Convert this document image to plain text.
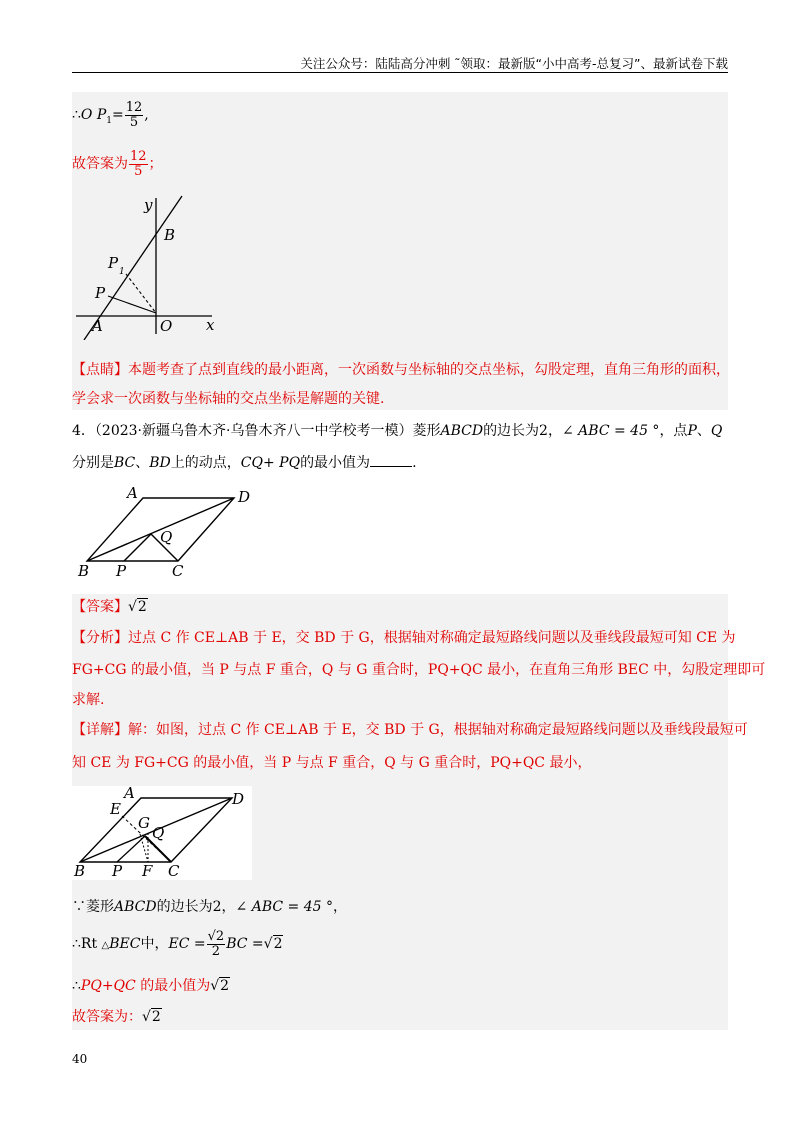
关注公众号：陆陆高分冲刺 ˜领取：最新版“小中高考-总复习”、最新试卷下载
∴O $P_1= \frac{12}{5}$ ,
故答案为 $\frac{12}{5}$ ；
y
B
P 1
P
A	O x
【点睛】本题考查了点到直线的最小距离，一次函数与坐标轴的交点坐标，勾股定理，直角三角形的面积，
学会求一次函数与坐标轴的交点坐标是解题的关键.
4．（2023·新疆乌鲁木齐·乌鲁木齐八一中学校考一模）菱形ABCD的边长为2，∠ ABC = 45 °，点P、Q
分别是BC、BD上的动点，CQ+ PQ的最小值为	.
A	D
Q
B P	C
【答案】√2
【分析】过点 C 作 CE⊥AB 于 E，交 BD 于 G，根据轴对称确定最短路线问题以及垂线段最短可知 CE 为
FG+CG 的最小值，当 P 与点 F 重合，Q 与 G 重合时，PQ+QC 最小，在直角三角形 BEC 中，勾股定理即可
求解.
【详解】解：如图，过点 C 作 CE⊥AB 于 E，交 BD 于 G，根据轴对称确定最短路线问题以及垂线段最短可
知 CE 为 FG+CG 的最小值，当 P 与点 F 重合，Q 与 G 重合时，PQ+QC 最小，
A	D
E
G
Q
B P F C
∵菱形ABCD的边长为2，∠ ABC = 45 °，
∴Rt △BEC中，EC = $\frac{√2}{2}$ BC =√2
∴PQ+QC 的最小值为√2
故答案为：√2
40
